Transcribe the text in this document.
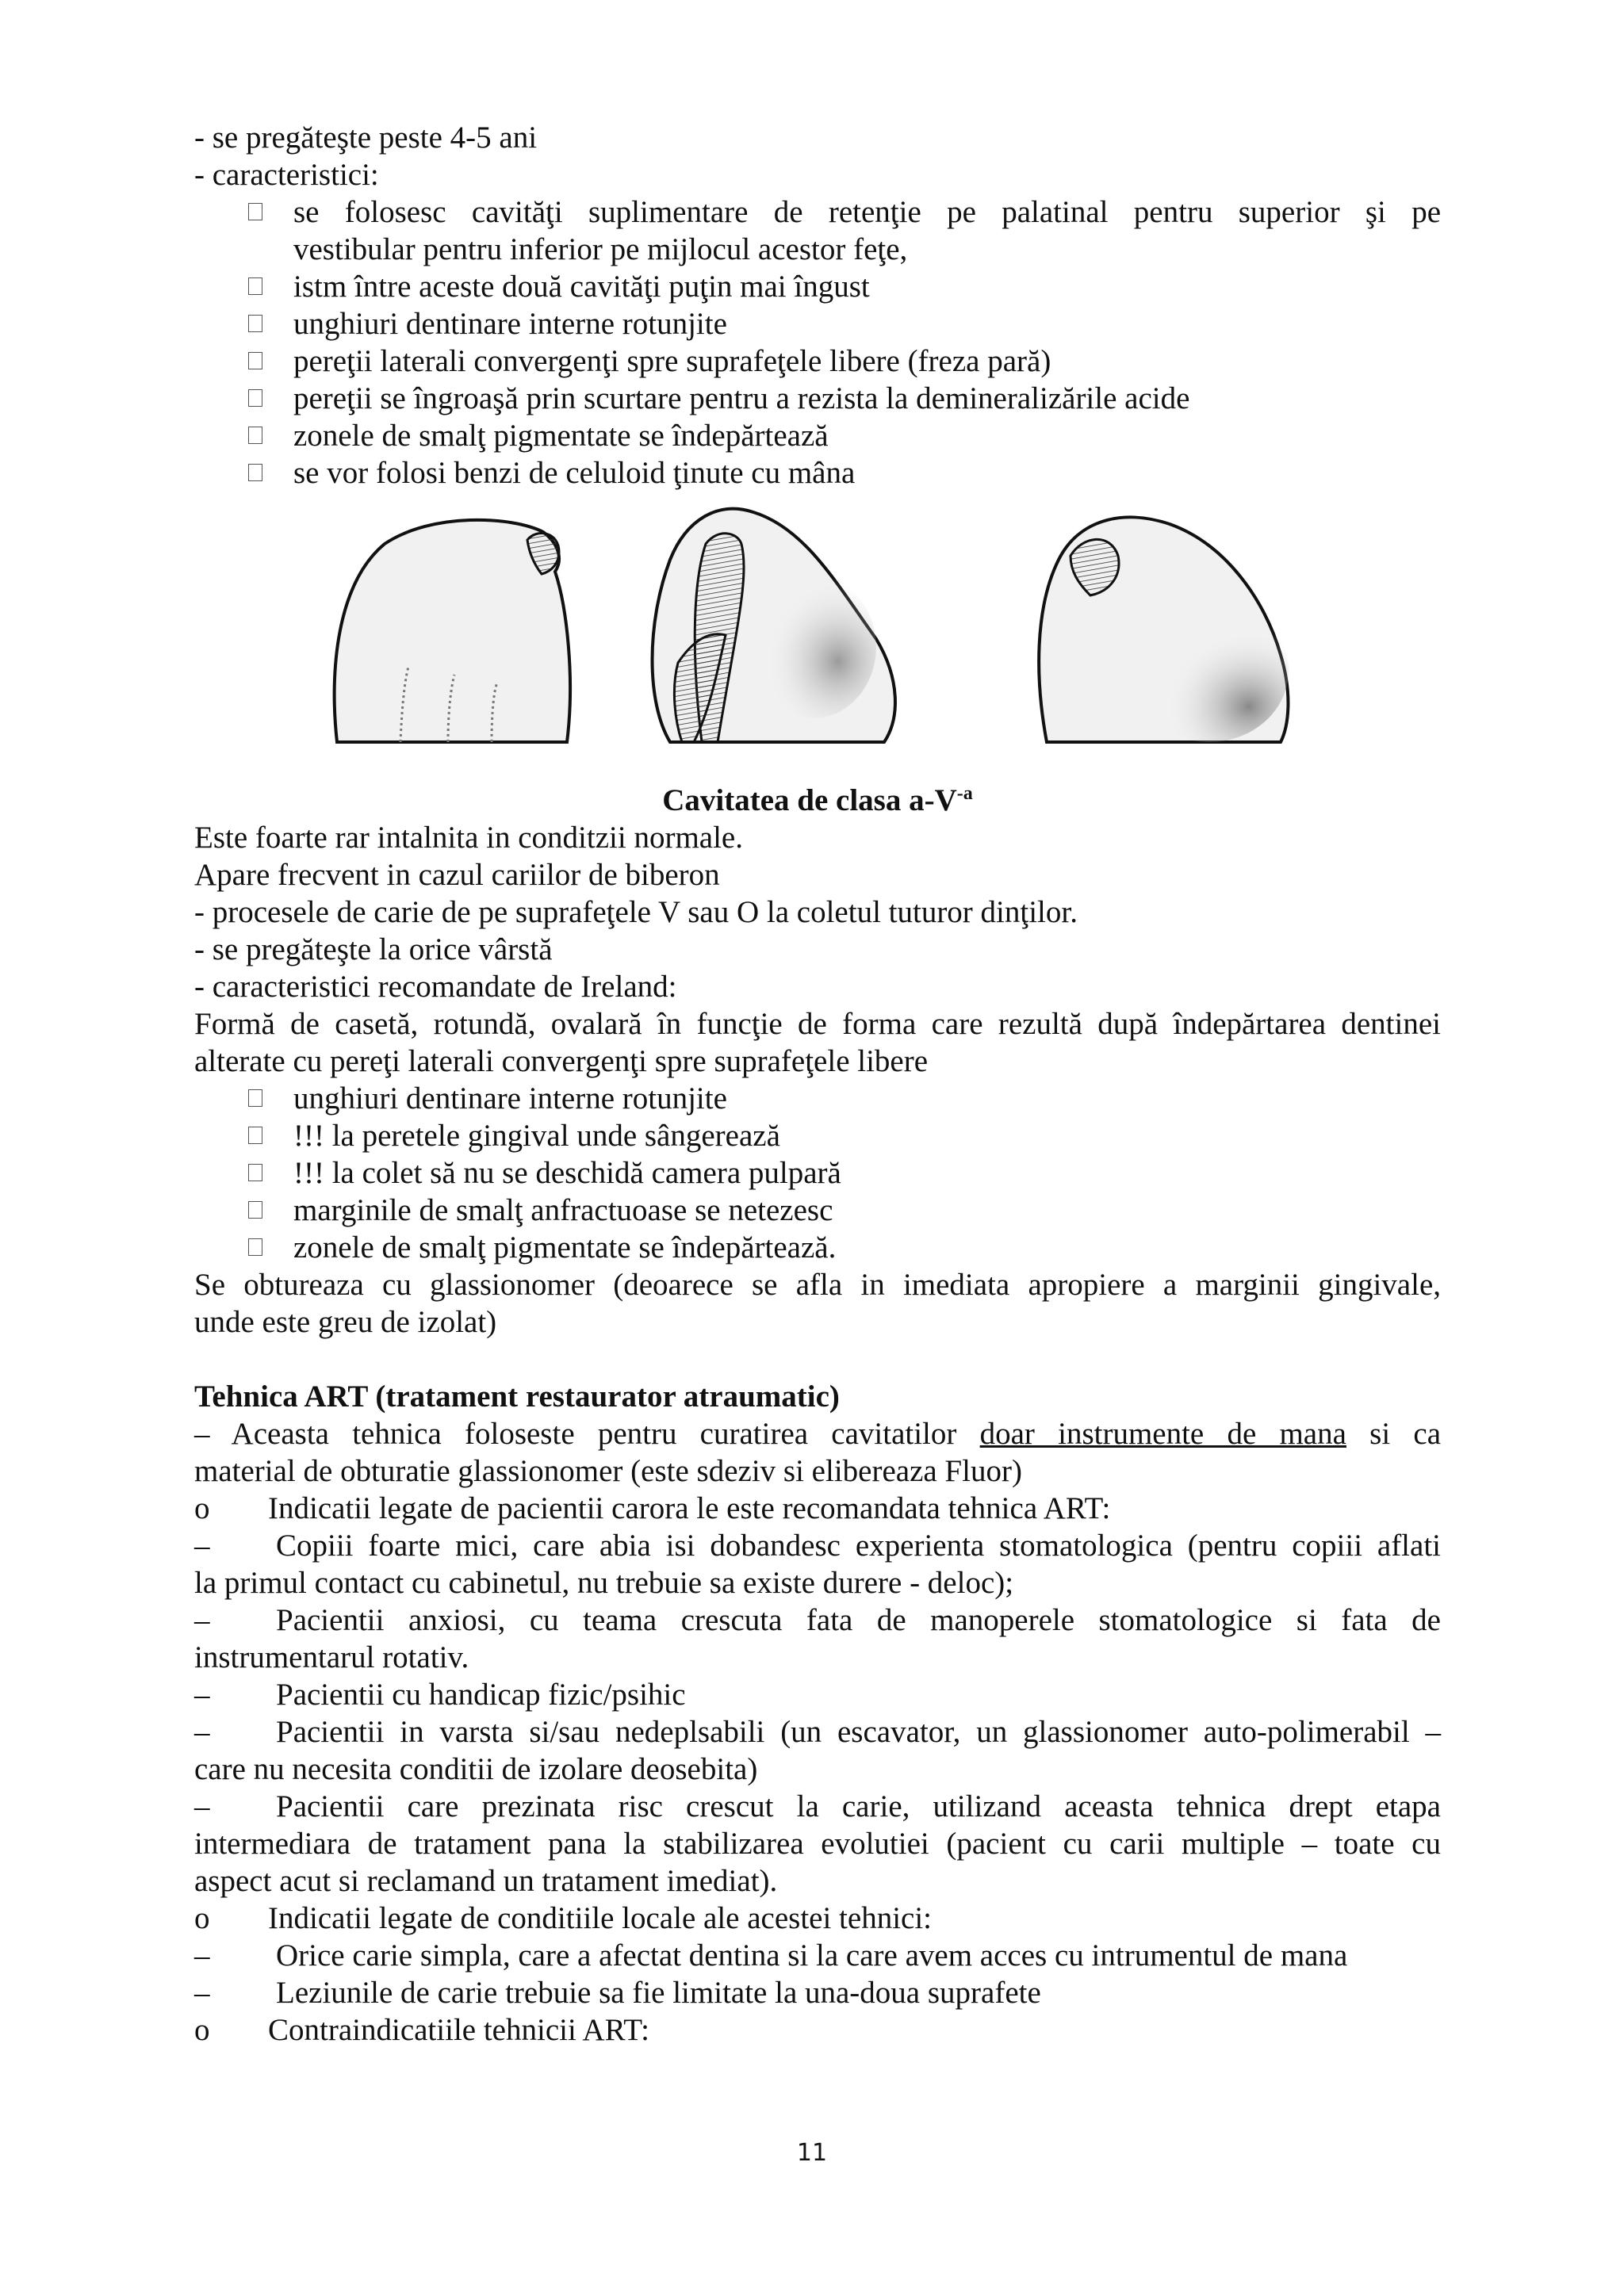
- se pregăteşte peste 4-5 ani
- caracteristici:
se folosesc cavităţi suplimentare de retenţie pe palatinal pentru superior şi pe
vestibular pentru inferior pe mijlocul acestor feţe,
istm între aceste două cavităţi puţin mai îngust
unghiuri dentinare interne rotunjite
pereţii laterali convergenţi spre suprafeţele libere (freza pară)
pereţii se îngroaşă prin scurtare pentru a rezista la demineralizările acide
zonele de smalţ pigmentate se îndepărtează
se vor folosi benzi de celuloid ţinute cu mâna
Cavitatea de clasa $a-V^{-a}$
Este foarte rar intalnita in conditzii normale.
Apare frecvent in cazul cariilor de biberon
- procesele de carie de pe suprafeţele V sau O la coletul tuturor dinţilor.
- se pregăteşte la orice vârstă
- caracteristici recomandate de Ireland:
Formă de casetă, rotundă, ovalară în funcţie de forma care rezultă după îndepărtarea dentinei
alterate cu pereţi laterali convergenţi spre suprafeţele libere
unghiuri dentinare interne rotunjite
!!! la peretele gingival unde sângerează
!!! la colet să nu se deschidă camera pulpară
marginile de smalţ anfractuoase se netezesc
zonele de smalţ pigmentate se îndepărtează.
Se obtureaza cu glassionomer (deoarece se afla in imediata apropiere a marginii gingivale,
unde este greu de izolat)
Tehnica ART (tratament restaurator atraumatic)
– Aceasta tehnica foloseste pentru curatirea cavitatilor doar instrumente de mana si ca
material de obturatie glassionomer (este sdeziv si elibereaza Fluor)
o Indicatii legate de pacientii carora le este recomandata tehnica ART:
– Copiii foarte mici, care abia isi dobandesc experienta stomatologica (pentru copiii aflati
la primul contact cu cabinetul, nu trebuie sa existe durere - deloc);
– Pacientii anxiosi, cu teama crescuta fata de manoperele stomatologice si fata de
instrumentarul rotativ.
– Pacientii cu handicap fizic/psihic
– Pacientii in varsta si/sau nedeplsabili (un escavator, un glassionomer auto-polimerabil –
care nu necesita conditii de izolare deosebita)
– Pacientii care prezinata risc crescut la carie, utilizand aceasta tehnica drept etapa
intermediara de tratament pana la stabilizarea evolutiei (pacient cu carii multiple – toate cu
aspect acut si reclamand un tratament imediat).
o Indicatii legate de conditiile locale ale acestei tehnici:
– Orice carie simpla, care a afectat dentina si la care avem acces cu intrumentul de mana
– Leziunile de carie trebuie sa fie limitate la una-doua suprafete
o Contraindicatiile tehnicii ART:
11
